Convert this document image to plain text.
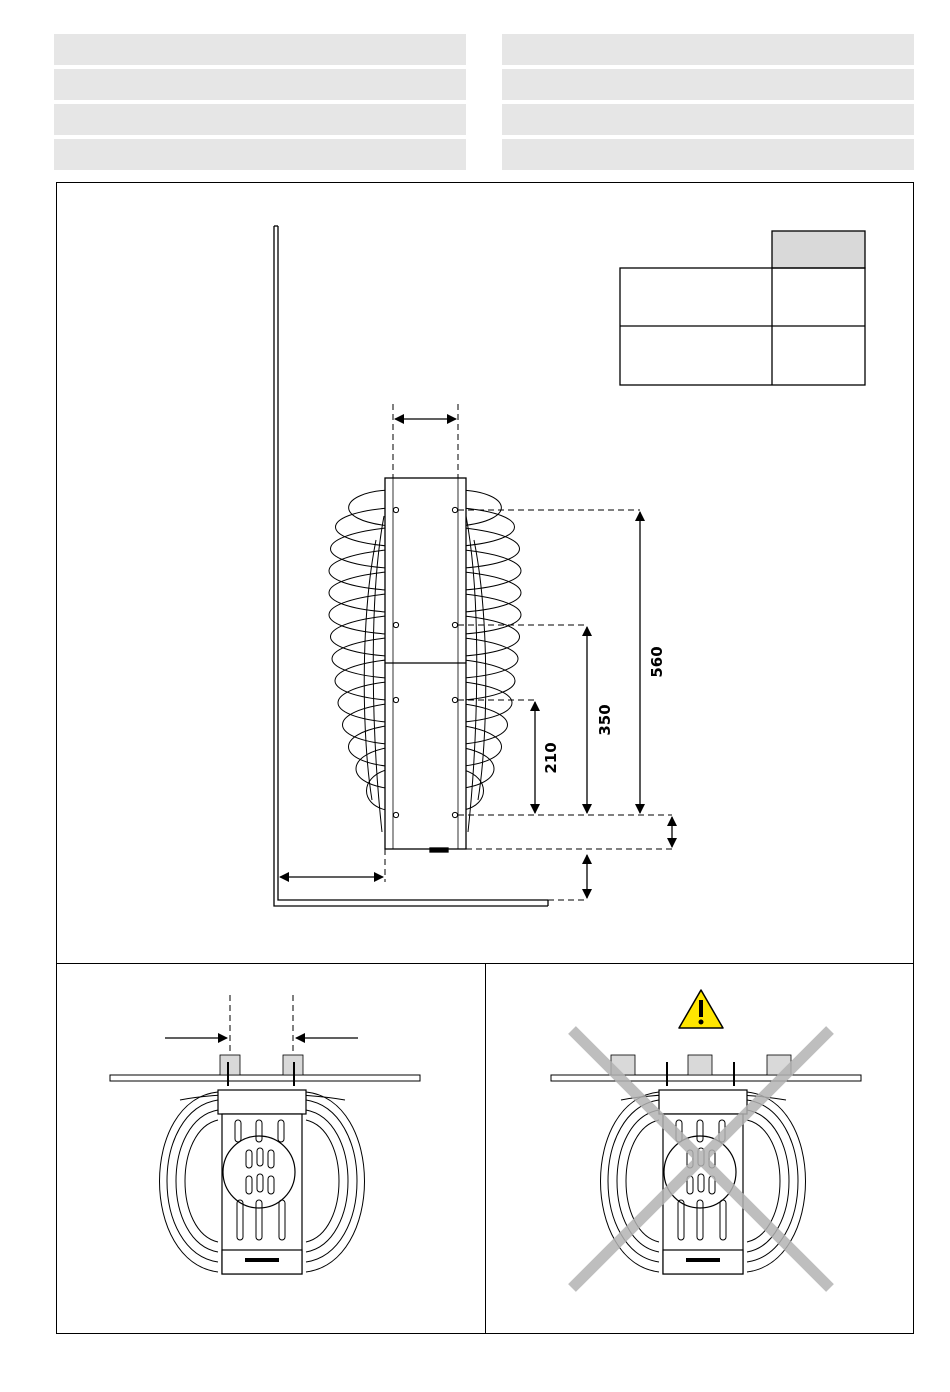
560
350
210
